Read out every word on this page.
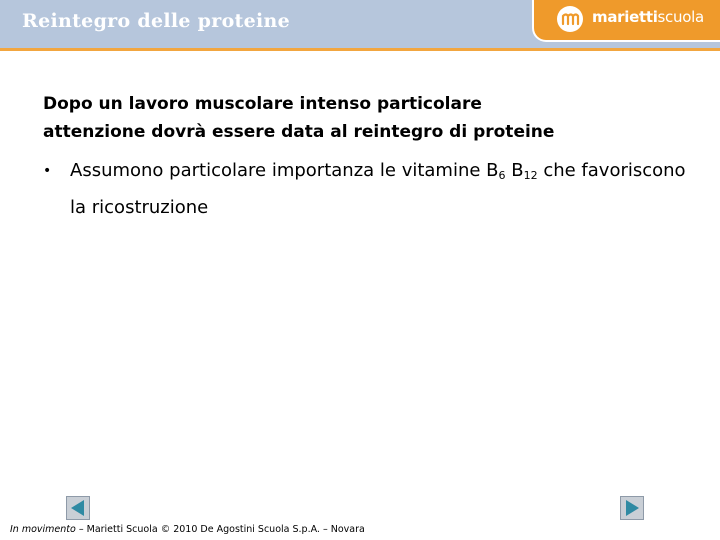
Reintegro delle proteine	mariettiscuola
Dopo un lavoro muscolare intenso particolare
attenzione dovrà essere data al reintegro di proteine
• Assumono particolare importanza le vitamine $B_6$ $B_{12}$ che favoriscono la ricostruzione
In movimento – Marietti Scuola © 2010 De Agostini Scuola S.p.A. – Novara
